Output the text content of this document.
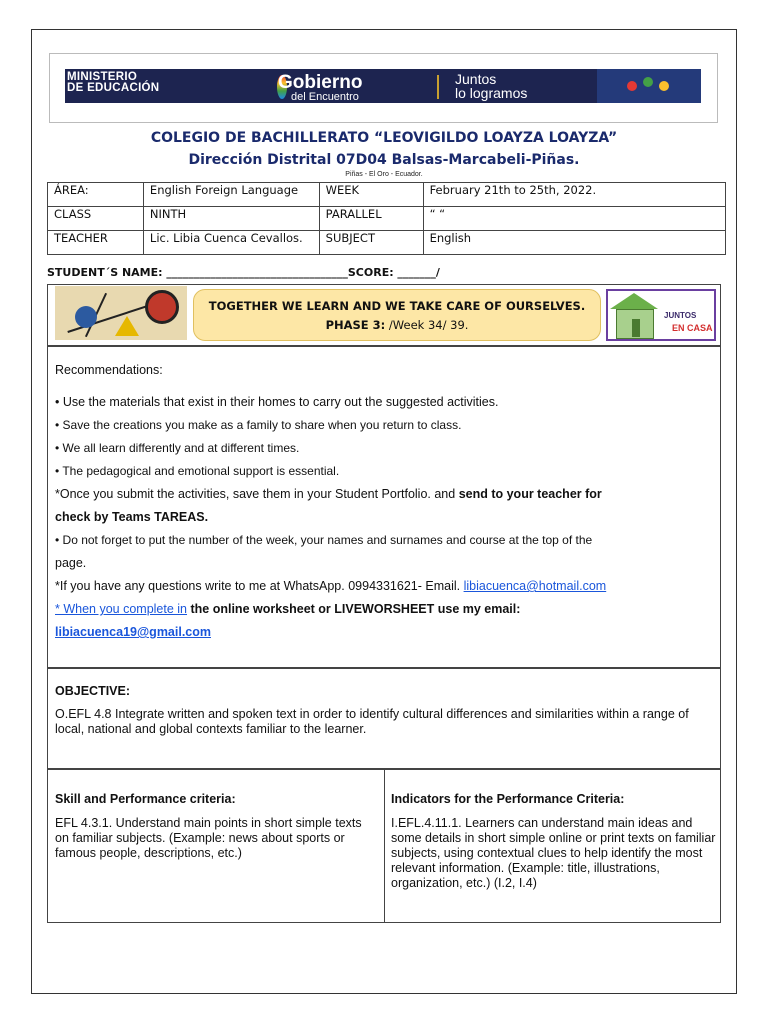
MINISTERIO
DE EDUCACIÓN	Gobierno
del Encuentro
Juntos
lo logramos
COLEGIO DE BACHILLERATO “LEOVIGILDO LOAYZA LOAYZA”
Dirección Distrital 07D04 Balsas-Marcabeli-Piñas.
Piñas - El Oro - Ecuador.
ÁREA:	English Foreign Language	WEEK	February 21th to 25th, 2022.
CLASS	NINTH	PARALLEL	“ “
TEACHER	Lic. Libia Cuenca Cevallos.	SUBJECT	English
STUDENT´S NAME: _________________________________SCORE: _______/
TOGETHER WE LEARN AND WE TAKE CARE OF OURSELVES.
PHASE 3: /Week 34/ 39.
JUNTOS
EN CASA

Recommendations:

• Use the materials that exist in their homes to carry out the suggested activities.

• Save the creations you make as a family to share when you return to class.

• We all learn differently and at different times.

• The pedagogical and emotional support is essential.

*Once you submit the activities, save them in your Student Portfolio. and send to your teacher for

check by Teams TAREAS.

• Do not forget to put the number of the week, your names and surnames and course at the top of the

page.

*If you have any questions write to me at WhatsApp. 0994331621- Email. libiacuenca@hotmail.com

* When you complete in the online worksheet or LIVEWORSHEET use my email:

libiacuenca19@gmail.com

OBJECTIVE:
O.EFL 4.8 Integrate written and spoken text in order to identify cultural differences and similarities within a range of local, national and global contexts familiar to the learner.
Skill and Performance criteria:
EFL 4.3.1. Understand main points in short simple texts on familiar subjects. (Example: news about sports or famous people, descriptions, etc.)
Indicators for the Performance Criteria:
I.EFL.4.11.1. Learners can understand main ideas and some details in short simple online or print texts on familiar subjects, using contextual clues to help identify the most relevant information. (Example: title, illustrations, organization, etc.) (I.2, I.4)
